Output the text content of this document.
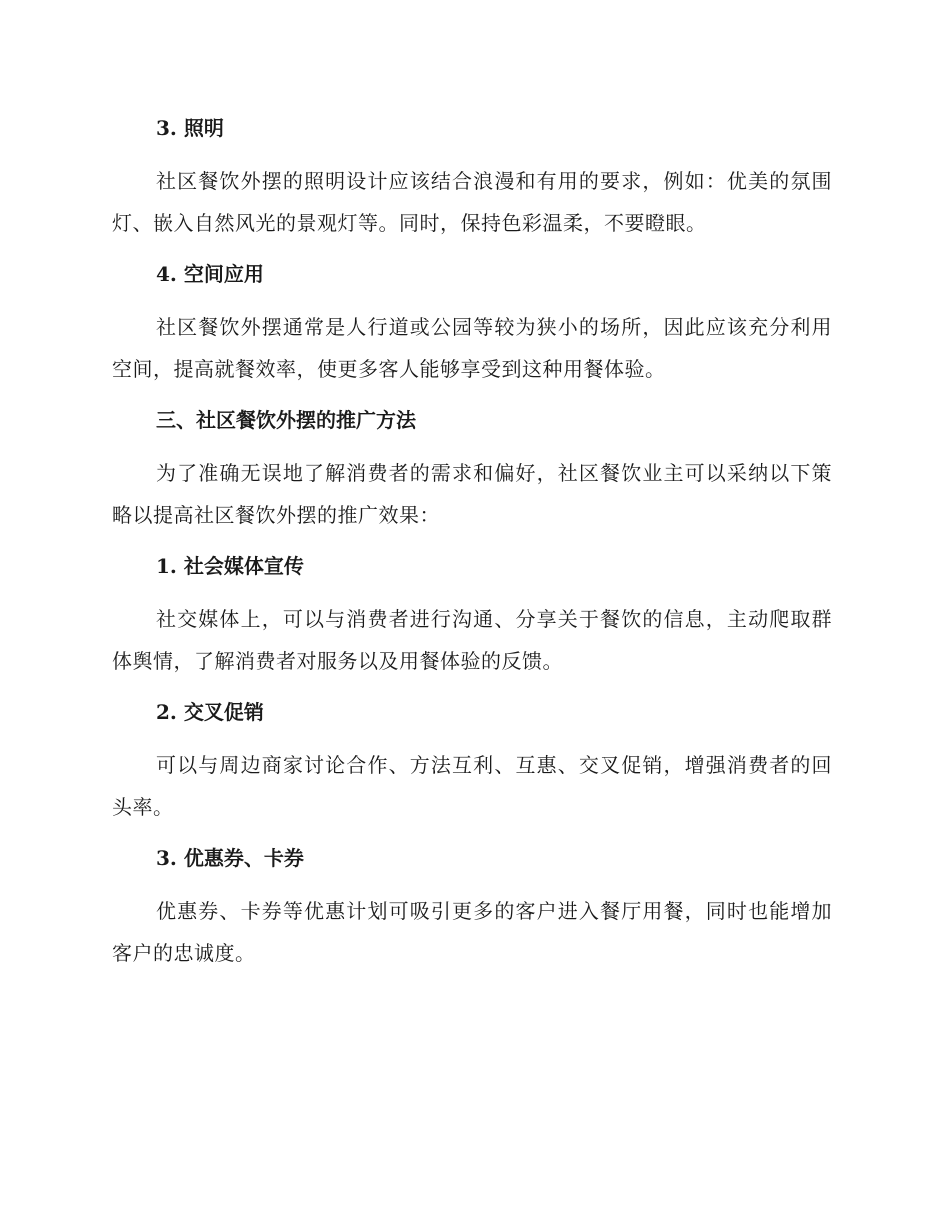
3. 照明

社区餐饮外摆的照明设计应该结合浪漫和有用的要求，例如：优美的氛围灯、嵌入自然风光的景观灯等。同时，保持色彩温柔，不要瞪眼。

4. 空间应用

社区餐饮外摆通常是人行道或公园等较为狭小的场所，因此应该充分利用空间，提高就餐效率，使更多客人能够享受到这种用餐体验。

三、社区餐饮外摆的推广方法

为了准确无误地了解消费者的需求和偏好，社区餐饮业主可以采纳以下策略以提高社区餐饮外摆的推广效果：

1. 社会媒体宣传

社交媒体上，可以与消费者进行沟通、分享关于餐饮的信息，主动爬取群体舆情，了解消费者对服务以及用餐体验的反馈。

2. 交叉促销

可以与周边商家讨论合作、方法互利、互惠、交叉促销，增强消费者的回头率。

3. 优惠券、卡券

优惠券、卡券等优惠计划可吸引更多的客户进入餐厅用餐，同时也能增加客户的忠诚度。
